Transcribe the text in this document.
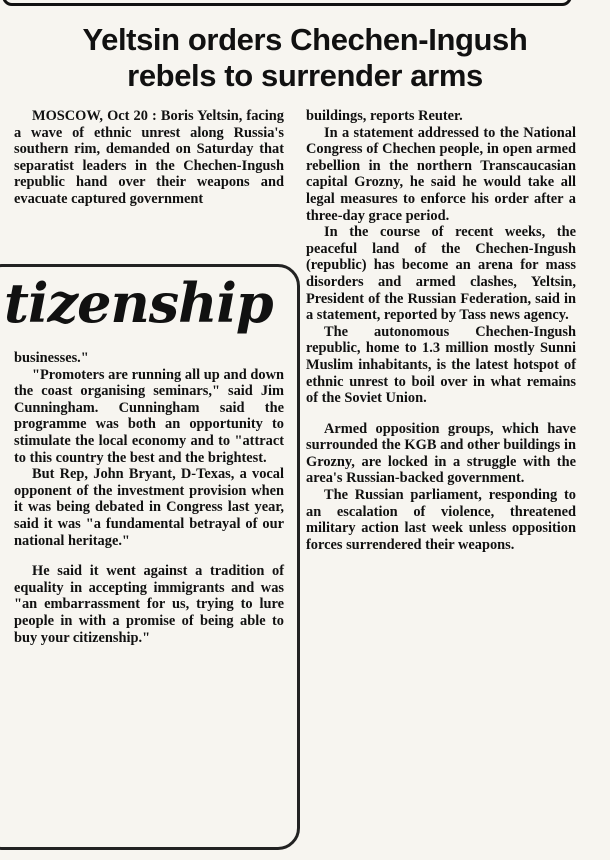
Yeltsin orders Chechen-Ingush
rebels to surrender arms

MOSCOW, Oct 20 : Boris Yeltsin, facing a wave of ethnic unrest along Russia's southern rim, demanded on Saturday that separatist leaders in the Chechen-Ingush republic hand over their weapons and evacuate captured government

buildings, reports Reuter.

In a statement addressed to the National Congress of Chechen people, in open armed rebellion in the northern Transcaucasian capital Grozny, he said he would take all legal measures to enforce his order after a three-day grace period.

In the course of recent weeks, the peaceful land of the Chechen-Ingush (republic) has become an arena for mass disorders and armed clashes, Yeltsin, President of the Russian Federation, said in a statement, reported by Tass news agency.

The autonomous Chechen-Ingush republic, home to 1.3 million mostly Sunni Muslim inhabitants, is the latest hotspot of ethnic unrest to boil over in what remains of the Soviet Union.

Armed opposition groups, which have surrounded the KGB and other buildings in Grozny, are locked in a struggle with the area's Russian-backed government.

The Russian parliament, responding to an escalation of violence, threatened military action last week unless opposition forces surrendered their weapons.

tizenship

businesses."

"Promoters are running all up and down the coast organising seminars," said Jim Cunningham. Cunningham said the programme was both an opportunity to stimulate the local economy and to "attract to this country the best and the brightest.

But Rep, John Bryant, D-Texas, a vocal opponent of the investment provision when it was being debated in Congress last year, said it was "a fundamental betrayal of our national heritage."

He said it went against a tradition of equality in accepting immigrants and was "an embarrassment for us, trying to lure people in with a promise of being able to buy your citizenship."
